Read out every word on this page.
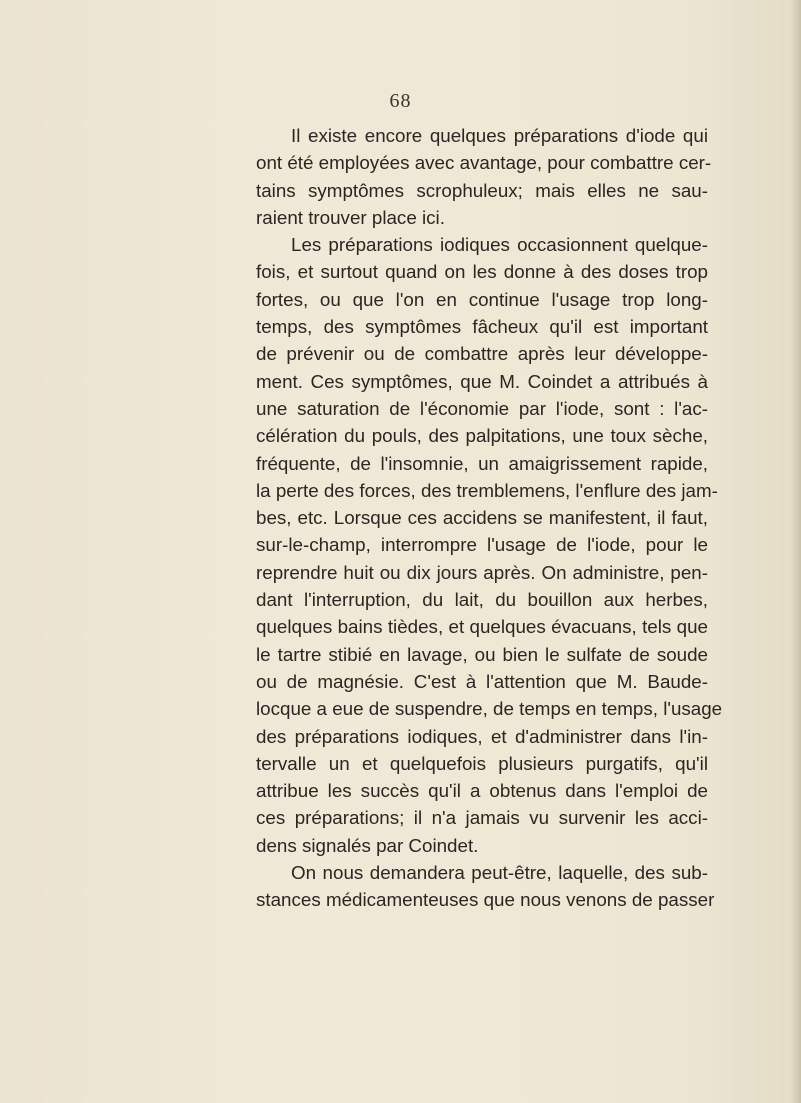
68
Il existe encore quelques préparations d'iode qui
ont été employées avec avantage, pour combattre cer-
tains symptômes scrophuleux; mais elles ne sau-
raient trouver place ici.
Les préparations iodiques occasionnent quelque-
fois, et surtout quand on les donne à des doses trop
fortes, ou que l'on en continue l'usage trop long-
temps, des symptômes fâcheux qu'il est important
de prévenir ou de combattre après leur développe-
ment. Ces symptômes, que M. Coindet a attribués à
une saturation de l'économie par l'iode, sont : l'ac-
célération du pouls, des palpitations, une toux sèche,
fréquente, de l'insomnie, un amaigrissement rapide,
la perte des forces, des tremblemens, l'enflure des jam-
bes, etc. Lorsque ces accidens se manifestent, il faut,
sur-le-champ, interrompre l'usage de l'iode, pour le
reprendre huit ou dix jours après. On administre, pen-
dant l'interruption, du lait, du bouillon aux herbes,
quelques bains tièdes, et quelques évacuans, tels que
le tartre stibié en lavage, ou bien le sulfate de soude
ou de magnésie. C'est à l'attention que M. Baude-
locque a eue de suspendre, de temps en temps, l'usage
des préparations iodiques, et d'administrer dans l'in-
tervalle un et quelquefois plusieurs purgatifs, qu'il
attribue les succès qu'il a obtenus dans l'emploi de
ces préparations; il n'a jamais vu survenir les acci-
dens signalés par Coindet.
On nous demandera peut-être, laquelle, des sub-
stances médicamenteuses que nous venons de passer
